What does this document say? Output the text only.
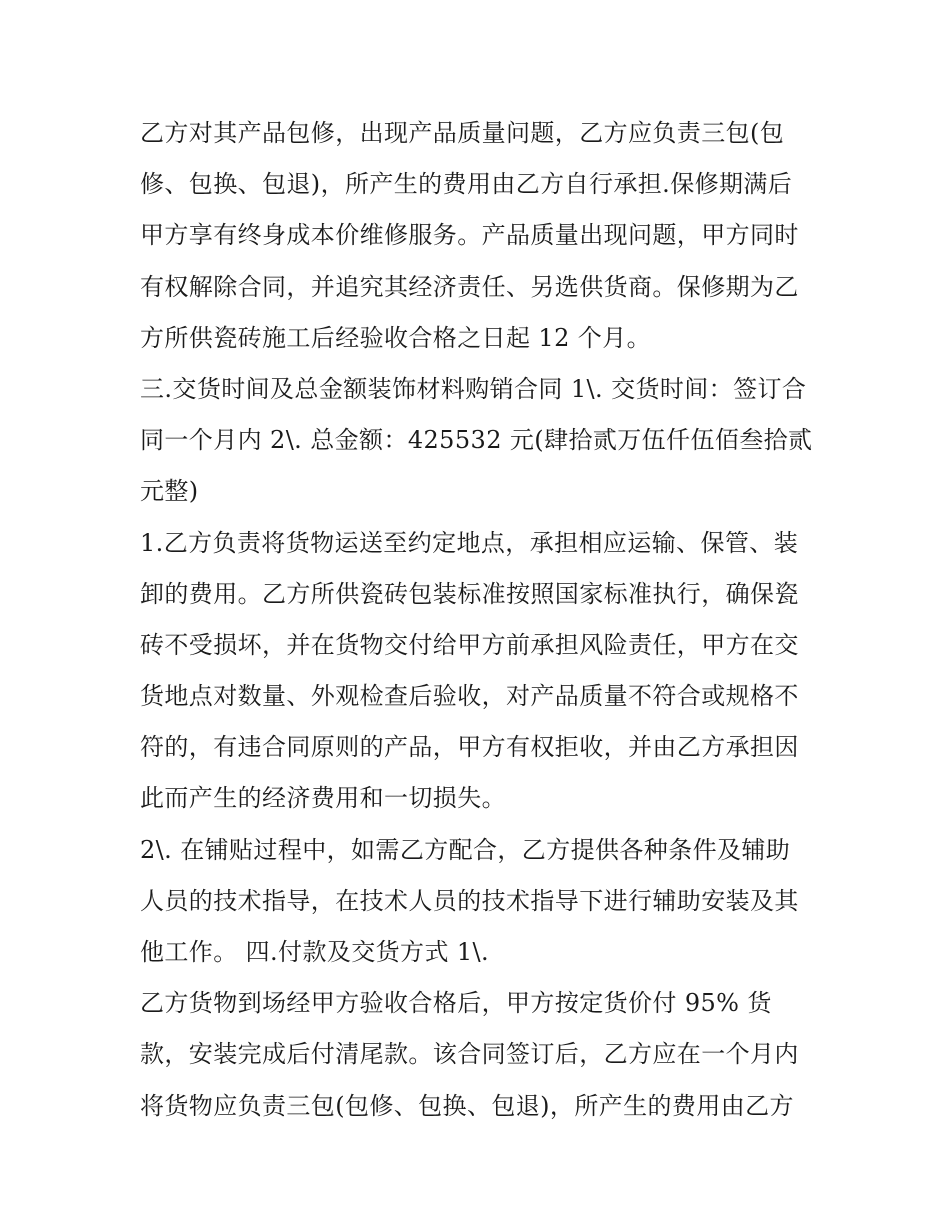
乙方对其产品包修，出现产品质量问题，乙方应负责三包(包
修、包换、包退)，所产生的费用由乙方自行承担.保修期满后
甲方享有终身成本价维修服务。产品质量出现问题，甲方同时
有权解除合同，并追究其经济责任、另选供货商。保修期为乙
方所供瓷砖施工后经验收合格之日起 12 个月。
三.交货时间及总金额装饰材料购销合同 1\. 交货时间：签订合
同一个月内 2\. 总金额：425532 元(肆拾贰万伍仟伍佰叁拾贰
元整)
1.乙方负责将货物运送至约定地点，承担相应运输、保管、装
卸的费用。乙方所供瓷砖包装标准按照国家标准执行，确保瓷
砖不受损坏，并在货物交付给甲方前承担风险责任，甲方在交
货地点对数量、外观检查后验收，对产品质量不符合或规格不
符的，有违合同原则的产品，甲方有权拒收，并由乙方承担因
此而产生的经济费用和一切损失。
2\. 在铺贴过程中，如需乙方配合，乙方提供各种条件及辅助
人员的技术指导，在技术人员的技术指导下进行辅助安装及其
他工作。 四.付款及交货方式 1\.
乙方货物到场经甲方验收合格后，甲方按定货价付 95% 货
款，安装完成后付清尾款。该合同签订后，乙方应在一个月内
将货物应负责三包(包修、包换、包退)，所产生的费用由乙方
